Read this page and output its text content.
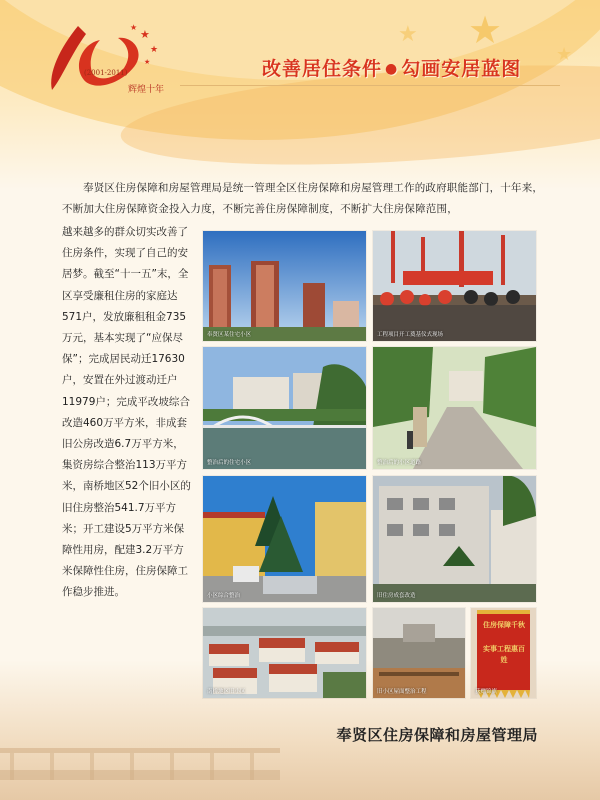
★
★
★
★
★
★
★
(2001-2011)
辉煌十年
改善居住条件 ● 勾画安居蓝图
奉贤区住房保障和房屋管理局是统一管理全区住房保障和房屋管理工作的政府职能部门，十年来，不断加大住房保障资金投入力度，不断完善住房保障制度，不断扩大住房保障范围，
越来越多的群众切实改善了住房条件，实现了自己的安居梦。截至“十一五”末，全区享受廉租住房的家庭达571户，发放廉租租金735万元，基本实现了“应保尽保”；完成居民动迁17630户，安置在外过渡动迁户11979户；完成平改坡综合改造460万平方米，非成套旧公房改造6.7万平方米，集资房综合整治113万平方米，南桥地区52个旧小区的旧住房整治541.7万平方米；开工建设5万平方米保障性用房，配建3.2万平方米保障性住房，住房保障工作稳步推进。
奉贤区某住宅小区	工程项目开工奠基仪式现场
整治后的住宅小区	整治后的小区道路
小区综合整治	旧住房成套改造
南桥地区旧小区	旧小区屋面整治工程
住房保障千秋
实事工程惠百姓
获赠锦旗
奉贤区住房保障和房屋管理局
